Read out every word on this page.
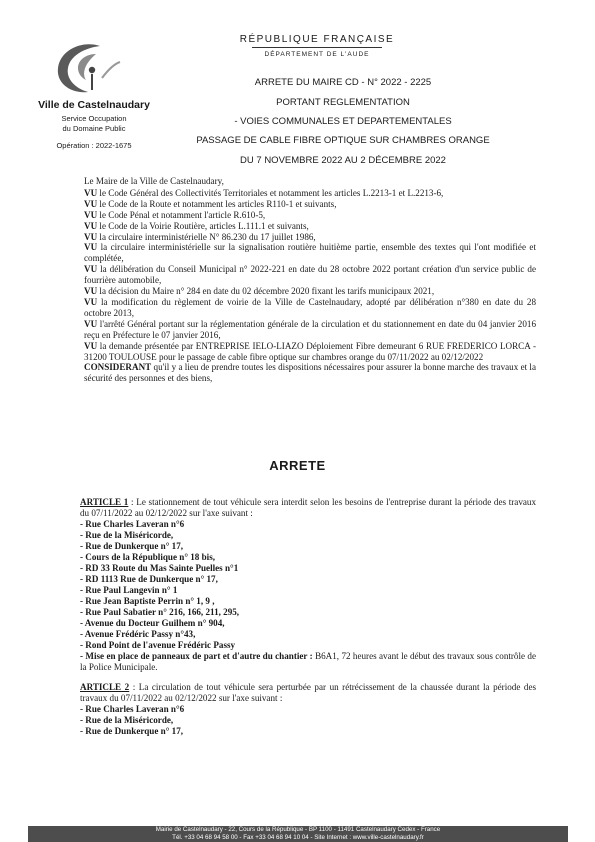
Ville de Castelnaudary
Service Occupation
du Domaine Public
Opération : 2022-1675
RÉPUBLIQUE FRANÇAISE
DÉPARTEMENT DE L'AUDE
ARRETE DU MAIRE CD - N° 2022 - 2225
PORTANT REGLEMENTATION
- VOIES COMMUNALES ET DEPARTEMENTALES
PASSAGE DE CABLE FIBRE OPTIQUE SUR CHAMBRES ORANGE
DU 7 NOVEMBRE 2022 AU 2 DÉCEMBRE 2022

Le Maire de la Ville de Castelnaudary,

VU le Code Général des Collectivités Territoriales et notamment les articles L.2213-1 et L.2213-6,

VU le Code de la Route et notamment les articles R110-1 et suivants,

VU le Code Pénal et notamment l'article R.610-5,

VU le Code de la Voirie Routière, articles L.111.1 et suivants,

VU la circulaire interministérielle N° 86.230 du 17 juillet 1986,

VU la circulaire interministérielle sur la signalisation routière huitième partie, ensemble des textes qui l'ont modifiée et complétée,

VU la délibération du Conseil Municipal n° 2022-221 en date du 28 octobre 2022 portant création d'un service public de fourrière automobile,

VU la décision du Maire n° 284 en date du 02 décembre 2020 fixant les tarifs municipaux 2021,

VU la modification du règlement de voirie de la Ville de Castelnaudary, adopté par délibération n°380 en date du 28 octobre 2013,

VU l'arrêté Général portant sur la réglementation générale de la circulation et du stationnement en date du 04 janvier 2016 reçu en Préfecture le 07 janvier 2016,

VU la demande présentée par ENTREPRISE IELO-LIAZO Déploiement Fibre demeurant 6 RUE FREDERICO LORCA - 31200 TOULOUSE pour le passage de cable fibre optique sur chambres orange du 07/11/2022 au 02/12/2022

CONSIDERANT qu'il y a lieu de prendre toutes les dispositions nécessaires pour assurer la bonne marche des travaux et la sécurité des personnes et des biens,

ARRETE

ARTICLE 1 : Le stationnement de tout véhicule sera interdit selon les besoins de l'entreprise durant la période des travaux du 07/11/2022 au 02/12/2022 sur l'axe suivant :

- Rue Charles Laveran n°6

- Rue de la Miséricorde,

- Rue de Dunkerque n° 17,

- Cours de la République n° 18 bis,

- RD 33 Route du Mas Sainte Puelles n°1

- RD 1113 Rue de Dunkerque n° 17,

- Rue Paul Langevin n° 1

- Rue Jean Baptiste Perrin n° 1, 9 ,

- Rue Paul Sabatier n° 216, 166, 211, 295,

- Avenue du Docteur Guilhem n° 904,

- Avenue Frédéric Passy n°43,

- Rond Point de l'avenue Frédéric Passy

- Mise en place de panneaux de part et d'autre du chantier : B6A1, 72 heures avant le début des travaux sous contrôle de la Police Municipale.

ARTICLE 2 : La circulation de tout véhicule sera perturbée par un rétrécissement de la chaussée durant la période des travaux du 07/11/2022 au 02/12/2022 sur l'axe suivant :

- Rue Charles Laveran n°6

- Rue de la Miséricorde,

- Rue de Dunkerque n° 17,

Mairie de Castelnaudary - 22, Cours de la République - BP 1100 - 11491 Castelnaudary Cedex - France
Tél. +33 04 68 94 58 00 - Fax +33 04 68 94 10 04 - Site Internet : www.ville-castelnaudary.fr
